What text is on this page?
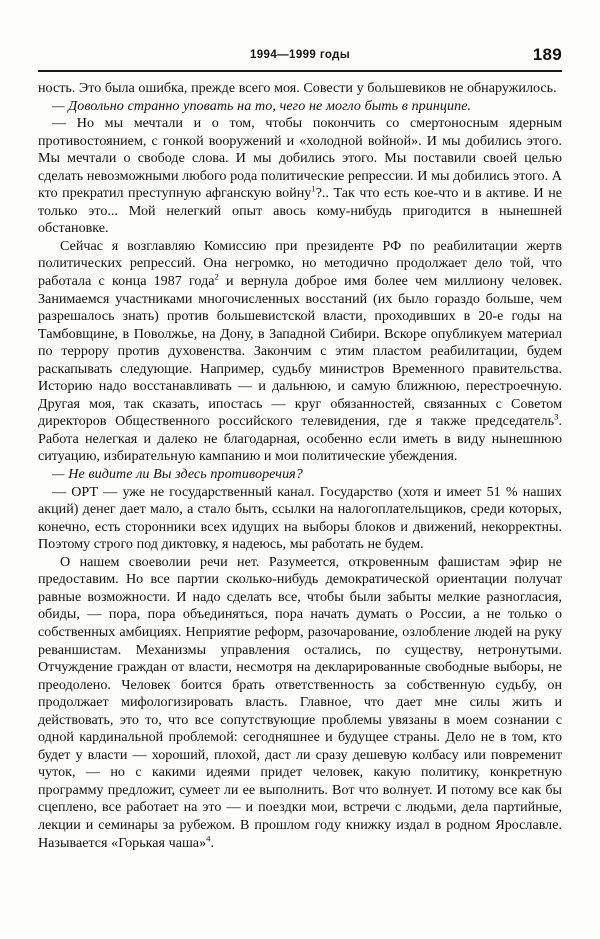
1994—1999 годы	189

ность. Это была ошибка, прежде всего моя. Совести у большевиков не обнаружилось.

— Довольно странно уповать на то, чего не могло быть в принципе.

— Но мы мечтали и о том, чтобы покончить со смертоносным ядерным противостоянием, с гонкой вооружений и «холодной войной». И мы добились этого. Мы мечтали о свободе слова. И мы добились этого. Мы поставили своей целью сделать невозможными любого рода политические репрессии. И мы добились этого. А кто прекратил преступную афганскую войну$^1$?.. Так что есть кое-что и в активе. И не только это... Мой нелегкий опыт авось кому-нибудь пригодится в нынешней обстановке.

Сейчас я возглавляю Комиссию при президенте РФ по реабилитации жертв политических репрессий. Она негромко, но методично продолжает дело той, что работала с конца 1987 года$^2$ и вернула доброе имя более чем миллиону человек. Занимаемся участниками многочисленных восстаний (их было гораздо больше, чем разрешалось знать) против большевистской власти, проходивших в 20-е годы на Тамбовщине, в Поволжье, на Дону, в Западной Сибири. Вскоре опубликуем материал по террору против духовенства. Закончим с этим пластом реабилитации, будем раскапывать следующие. Например, судьбу министров Временного правительства. Историю надо восстанавливать — и дальнюю, и самую ближнюю, перестроечную. Другая моя, так сказать, ипостась — круг обязанностей, связанных с Советом директоров Общественного российского телевидения, где я также председатель$^3$. Работа нелегкая и далеко не благодарная, особенно если иметь в виду нынешнюю ситуацию, избирательную кампанию и мои политические убеждения.

— Не видите ли Вы здесь противоречия?

— ОРТ — уже не государственный канал. Государство (хотя и имеет 51 % наших акций) денег дает мало, а стало быть, ссылки на налогоплательщиков, среди которых, конечно, есть сторонники всех идущих на выборы блоков и движений, некорректны. Поэтому строго под диктовку, я надеюсь, мы работать не будем.

О нашем своеволии речи нет. Разумеется, откровенным фашистам эфир не предоставим. Но все партии сколько-нибудь демократической ориентации получат равные возможности. И надо сделать все, чтобы были забыты мелкие разногласия, обиды, — пора, пора объединяться, пора начать думать о России, а не только о собственных амбициях. Неприятие реформ, разочарование, озлобление людей на руку реваншистам. Механизмы управления остались, по существу, нетронутыми. Отчуждение граждан от власти, несмотря на декларированные свободные выборы, не преодолено. Человек боится брать ответственность за собственную судьбу, он продолжает мифологизировать власть. Главное, что дает мне силы жить и действовать, это то, что все сопутствующие проблемы увязаны в моем сознании с одной кардинальной проблемой: сегодняшнее и будущее страны. Дело не в том, кто будет у власти — хороший, плохой, даст ли сразу дешевую колбасу или повременит чуток, — но с какими идеями придет человек, какую политику, конкретную программу предложит, сумеет ли ее выполнить. Вот что волнует. И потому все как бы сцеплено, все работает на это — и поездки мои, встречи с людьми, дела партийные, лекции и семинары за рубежом. В прошлом году книжку издал в родном Ярославле. Называется «Горькая чаша»$^4$.
